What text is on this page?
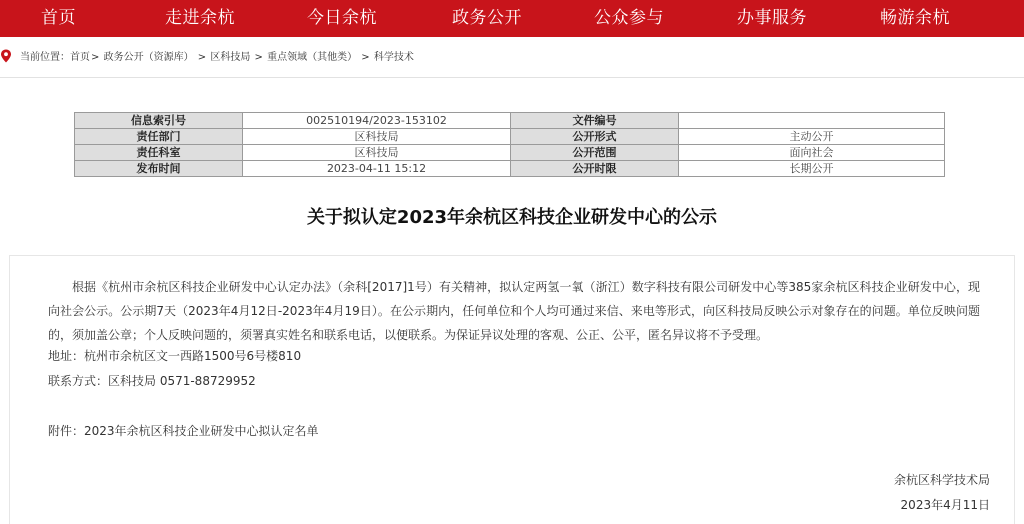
首页	走进余杭	今日余杭	政务公开	公众参与	办事服务	畅游余杭
当前位置：首页> 政务公开（资源库） > 区科技局 > 重点领域（其他类） > 科学技术
信息索引号	002510194/2023-153102	文件编号	
责任部门	区科技局	公开形式	主动公开
责任科室	区科技局	公开范围	面向社会
发布时间	2023-04-11 15:12	公开时限	长期公开
关于拟认定2023年余杭区科技企业研发中心的公示

根据《杭州市余杭区科技企业研发中心认定办法》（余科[2017]1号）有关精神，拟认定两氢一氧（浙江）数字科技有限公司研发中心等385家余杭区科技企业研发中心，现向社会公示。公示期7天（2023年4月12日-2023年4月19日）。在公示期内，任何单位和个人均可通过来信、来电等形式，向区科技局反映公示对象存在的问题。单位反映问题的，须加盖公章；个人反映问题的，须署真实姓名和联系电话，以便联系。为保证异议处理的客观、公正、公平，匿名异议将不予受理。

地址：杭州市余杭区文一西路1500号6号楼810
联系方式：区科技局 0571-88729952
附件：2023年余杭区科技企业研发中心拟认定名单
余杭区科学技术局
2023年4月11日
